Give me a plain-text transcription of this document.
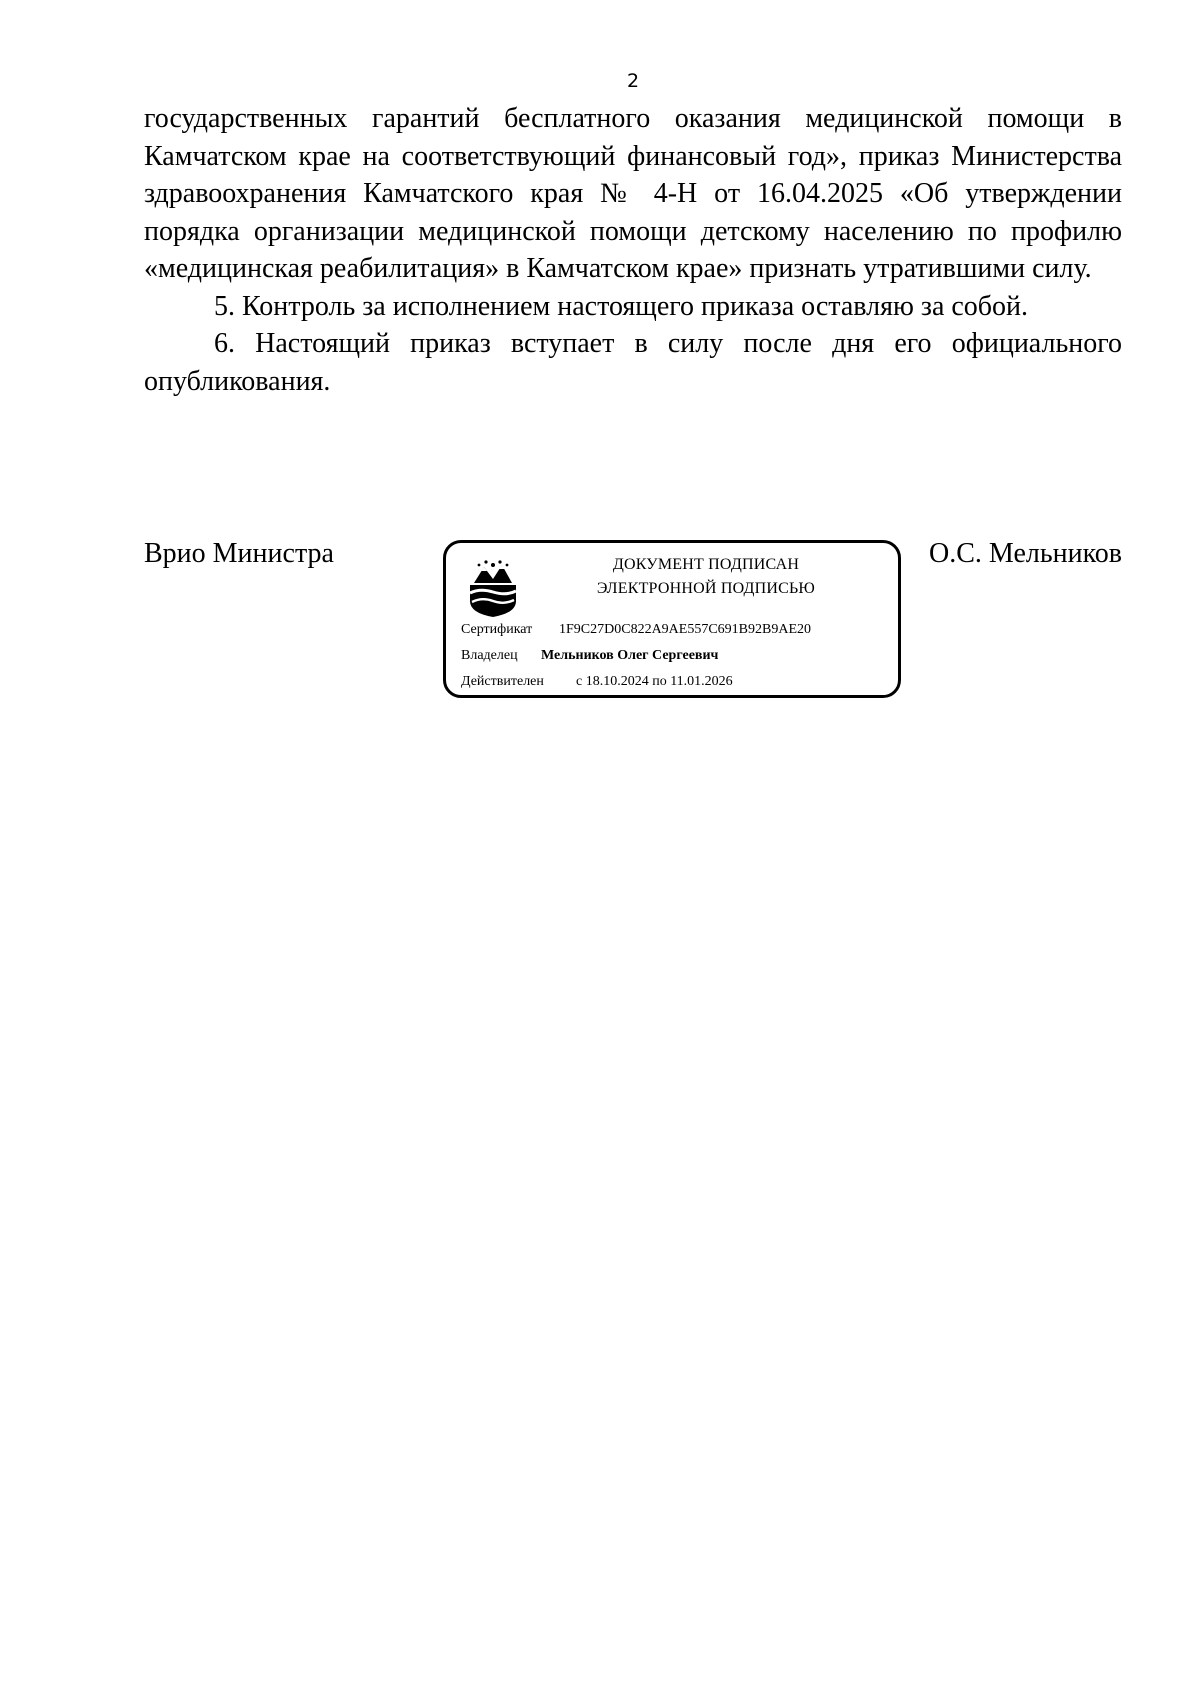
2

государственных гарантий бесплатного оказания медицинской помощи в Камчатском крае на соответствующий финансовый год», приказ Министерства здравоохранения Камчатского края № 4-Н от 16.04.2025 «Об утверждении порядка организации медицинской помощи детскому населению по профилю «медицинская реабилитация» в Камчатском крае» признать утратившими силу.

5. Контроль за исполнением настоящего приказа оставляю за собой.

6. Настоящий приказ вступает в силу после дня его официального опубликования.

Врио Министра	О.С. Мельников
ДОКУМЕНТ ПОДПИСАН
ЭЛЕКТРОННОЙ ПОДПИСЬЮ
Сертификат 1F9C27D0C822A9AE557C691B92B9AE20
Владелец Мельников Олег Сергеевич
Действителен с 18.10.2024 по 11.01.2026
